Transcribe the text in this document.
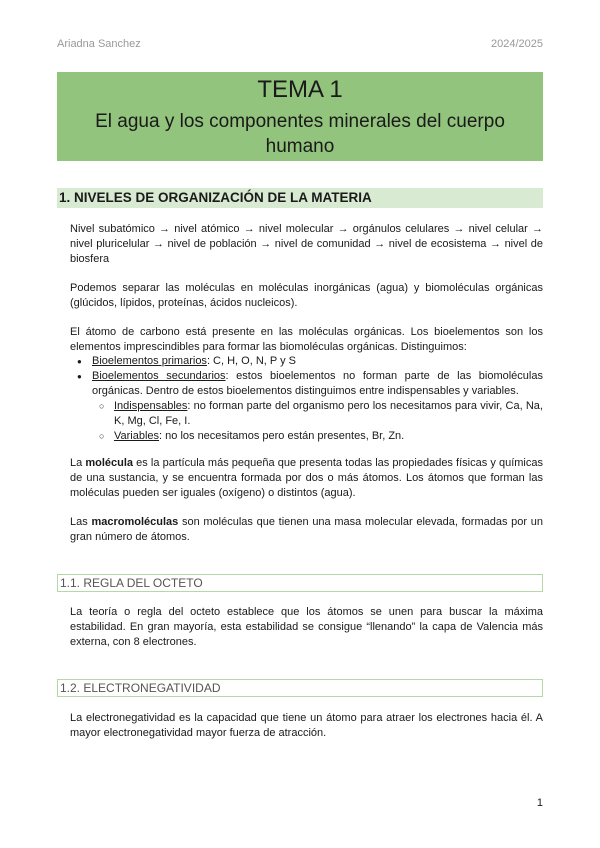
Ariadna Sanchez	2024/2025
TEMA 1
El agua y los componentes minerales del cuerpo
humano
1. NIVELES DE ORGANIZACIÓN DE LA MATERIA

Nivel subatómico → nivel atómico → nivel molecular → orgánulos celulares → nivel celular → nivel pluricelular → nivel de población → nivel de comunidad → nivel de ecosistema → nivel de biosfera

Podemos separar las moléculas en moléculas inorgánicas (agua) y biomoléculas orgánicas (glúcidos, lípidos, proteínas, ácidos nucleicos).

El átomo de carbono está presente en las moléculas orgánicas. Los bioelementos son los elementos imprescindibles para formar las biomoléculas orgánicas. Distinguimos:

● Bioelementos primarios: C, H, O, N, P y S
● Bioelementos secundarios: estos bioelementos no forman parte de las biomoléculas orgánicas. Dentro de estos bioelementos distinguimos entre indispensables y variables.
○ Indispensables: no forman parte del organismo pero los necesitamos para vivir, Ca, Na, K, Mg, Cl, Fe, I.
○ Variables: no los necesitamos pero están presentes, Br, Zn.

La molécula es la partícula más pequeña que presenta todas las propiedades físicas y químicas de una sustancia, y se encuentra formada por dos o más átomos. Los átomos que forman las moléculas pueden ser iguales (oxígeno) o distintos (agua).

Las macromoléculas son moléculas que tienen una masa molecular elevada, formadas por un gran número de átomos.

1.1. REGLA DEL OCTETO

La teoría o regla del octeto establece que los átomos se unen para buscar la máxima estabilidad. En gran mayoría, esta estabilidad se consigue “llenando” la capa de Valencia más externa, con 8 electrones.

1.2. ELECTRONEGATIVIDAD

La electronegatividad es la capacidad que tiene un átomo para atraer los electrones hacia él. A mayor electronegatividad mayor fuerza de atracción.

1
